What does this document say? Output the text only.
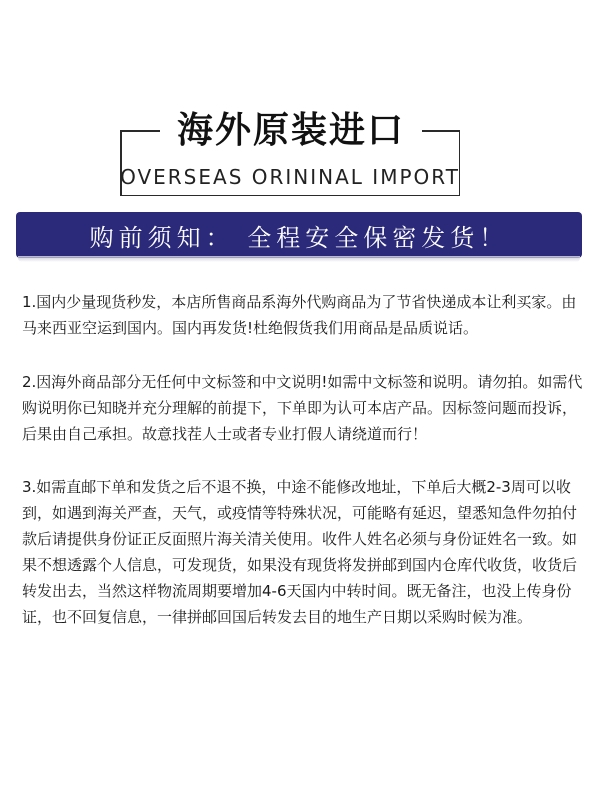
海外原装进口
OVERSEAS ORININAL IMPORT
购前须知： 全程安全保密发货！

1.国内少量现货秒发，本店所售商品系海外代购商品为了节省快递成本让利买家。由马来西亚空运到国内。国内再发货!杜绝假货我们用商品是品质说话。

2.因海外商品部分无任何中文标签和中文说明!如需中文标签和说明。请勿拍。如需代购说明你已知晓并充分理解的前提下，下单即为认可本店产品。因标签问题而投诉，后果由自己承担。故意找茬人士或者专业打假人请绕道而行！

3.如需直邮下单和发货之后不退不换，中途不能修改地址，下单后大概2-3周可以收到，如遇到海关严查，天气，或疫情等特殊状况，可能略有延迟，望悉知急件勿拍付款后请提供身份证正反面照片海关清关使用。收件人姓名必须与身份证姓名一致。如果不想透露个人信息，可发现货，如果没有现货将发拼邮到国内仓库代收货，收货后转发出去，当然这样物流周期要增加4-6天国内中转时间。既无备注，也没上传身份证，也不回复信息，一律拼邮回国后转发去目的地生产日期以采购时候为准。
